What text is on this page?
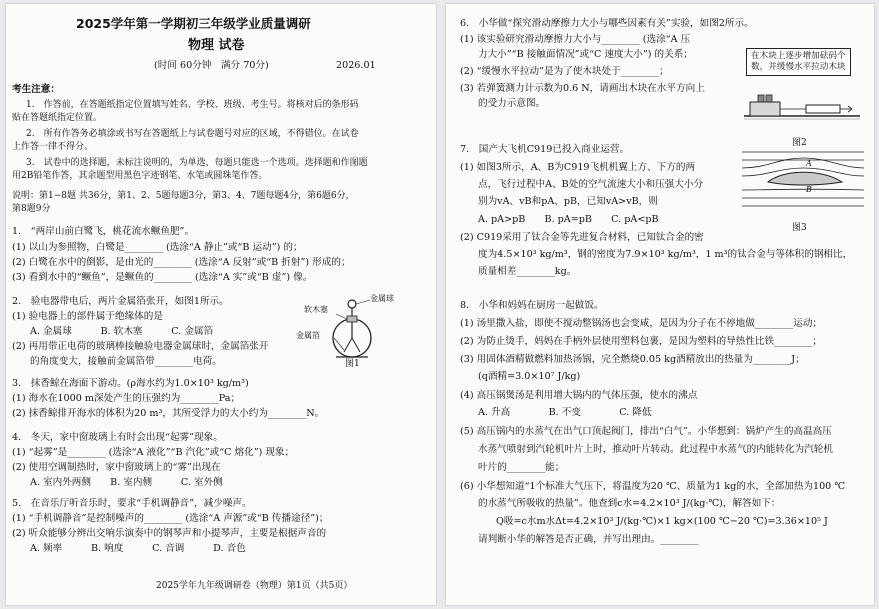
2025学年第一学期初三年级学业质量调研
物理 试卷
(时间 60分钟　满分 70分)	2026.01
考生注意：
1.　作答前，在答题纸指定位置填写姓名、学校、班级、考生号。将核对后的条形码
贴在答题纸指定位置。
2.　所有作答务必填涂或书写在答题纸上与试卷题号对应的区域，不得错位。在试卷
上作答一律不得分。
3.　试卷中的选择题，未标注说明的，为单选，每题只能选一个选项。选择题和作图题
用2B铅笔作答，其余题型用黑色字迹钢笔、水笔或圆珠笔作答。
说明：第1−8题 共36分，第1、2、5题每题3分，第3、4、7题每题4分，第6题6分，
第8题9分
1.　“两岸山前白鹭飞，桃花流水鳜鱼肥”。
(1) 以山为参照物，白鹭是________ (选涂“A 静止”或“B 运动”) 的；
(2) 白鹭在水中的倒影，是由光的________ (选涂“A 反射”或“B 折射”) 形成的；
(3) 看到水中的“鳜鱼”，是鳜鱼的________ (选涂“A 实”或“B 虚”) 像。
2.　验电器带电后，两片金属箔张开，如图1所示。
(1) 验电器上的部件属于绝缘体的是
A. 金属球　　　B. 软木塞　　　C. 金属箔
(2) 再用带正电荷的玻璃棒接触验电器金属球时，金属箔张开
的角度变大，接触前金属箔带________电荷。
金属球
软木塞
金属箔
图1
3.　抹香鲸在海面下游动。(ρ海水约为1.0×10³ kg/m³)
(1) 海水在1000 m深处产生的压强约为________Pa；
(2) 抹香鲸排开海水的体积为20 m³，其所受浮力的大小约为________N。
4.　冬天，家中窗玻璃上有时会出现“起雾”现象。
(1) “起雾”是________ (选涂“A 液化”“B 汽化”或“C 熔化”) 现象；
(2) 使用空调制热时，家中窗玻璃上的“雾”出现在
A. 室内外两侧　　B. 室内侧　　　C. 室外侧
5.　在音乐厅听音乐时，要求“手机调静音”，减少噪声。
(1) “手机调静音”是控制噪声的________ (选涂“A 声源”或“B 传播途径”)；
(2) 听众能够分辨出交响乐演奏中的钢琴声和小提琴声，主要是根据声音的
A. 频率　　　B. 响度　　　C. 音调　　　D. 音色
2025学年九年级调研卷（物理）第1页（共5页）
6.　小华做“探究滑动摩擦力大小与哪些因素有关”实验，如图2所示。
(1) 该实验研究滑动摩擦力大小与________ (选涂“A 压
力大小”“B 接触面情况”或“C 速度大小”) 的关系；
(2) “缓慢水平拉动”是为了使木块处于________；
(3) 若弹簧测力计示数为0.6 N，请画出木块在水平方向上
的受力示意图。
在木块上逐步增加砝码个
数，并缓慢水平拉动木块
图2
7.　国产大飞机C919已投入商业运营。
(1) 如图3所示，A、B为C919飞机机翼上方、下方的两
点，飞行过程中A、B处的空气流速大小和压强大小分
别为vA、vB和pA、pB，已知vA>vB，则
A. pA>pB　　B. pA=pB　　C. pA<pB
(2) C919采用了钛合金等先进复合材料，已知钛合金的密
度为4.5×10³ kg/m³，钢的密度为7.9×10³ kg/m³，1 m³的钛合金与等体积的钢相比，
质量相差________kg。
A
B
图3
8.　小华和妈妈在厨房一起做饭。
(1) 汤里撒入盐，即使不搅动整锅汤也会变咸，是因为分子在不停地做________运动；
(2) 为防止烫手，妈妈在手柄外层使用塑料包裹，是因为塑料的导热性比铁________；
(3) 用固体酒精做燃料加热汤锅，完全燃烧0.05 kg酒精放出的热量为________J；
(q酒精=3.0×10⁷ J/kg)
(4) 高压锅煲汤是利用增大锅内的气体压强，使水的沸点
A. 升高　　　　B. 不变　　　　C. 降低
(5) 高压锅内的水蒸气在出气口顶起阀门，排出“白气”。小华想到：锅炉产生的高温高压
水蒸气喷射到汽轮机叶片上时，推动叶片转动。此过程中水蒸气的内能转化为汽轮机
叶片的________能；
(6) 小华想知道“1个标准大气压下，将温度为20 ℃、质量为1 kg的水，全部加热为100 ℃
的水蒸气所吸收的热量”。他查到c水=4.2×10³ J/(kg·℃)，解答如下：
Q吸=c水m水Δt=4.2×10³ J/(kg·℃)×1 kg×(100 ℃−20 ℃)=3.36×10⁵ J
请判断小华的解答是否正确，并写出理由。________
